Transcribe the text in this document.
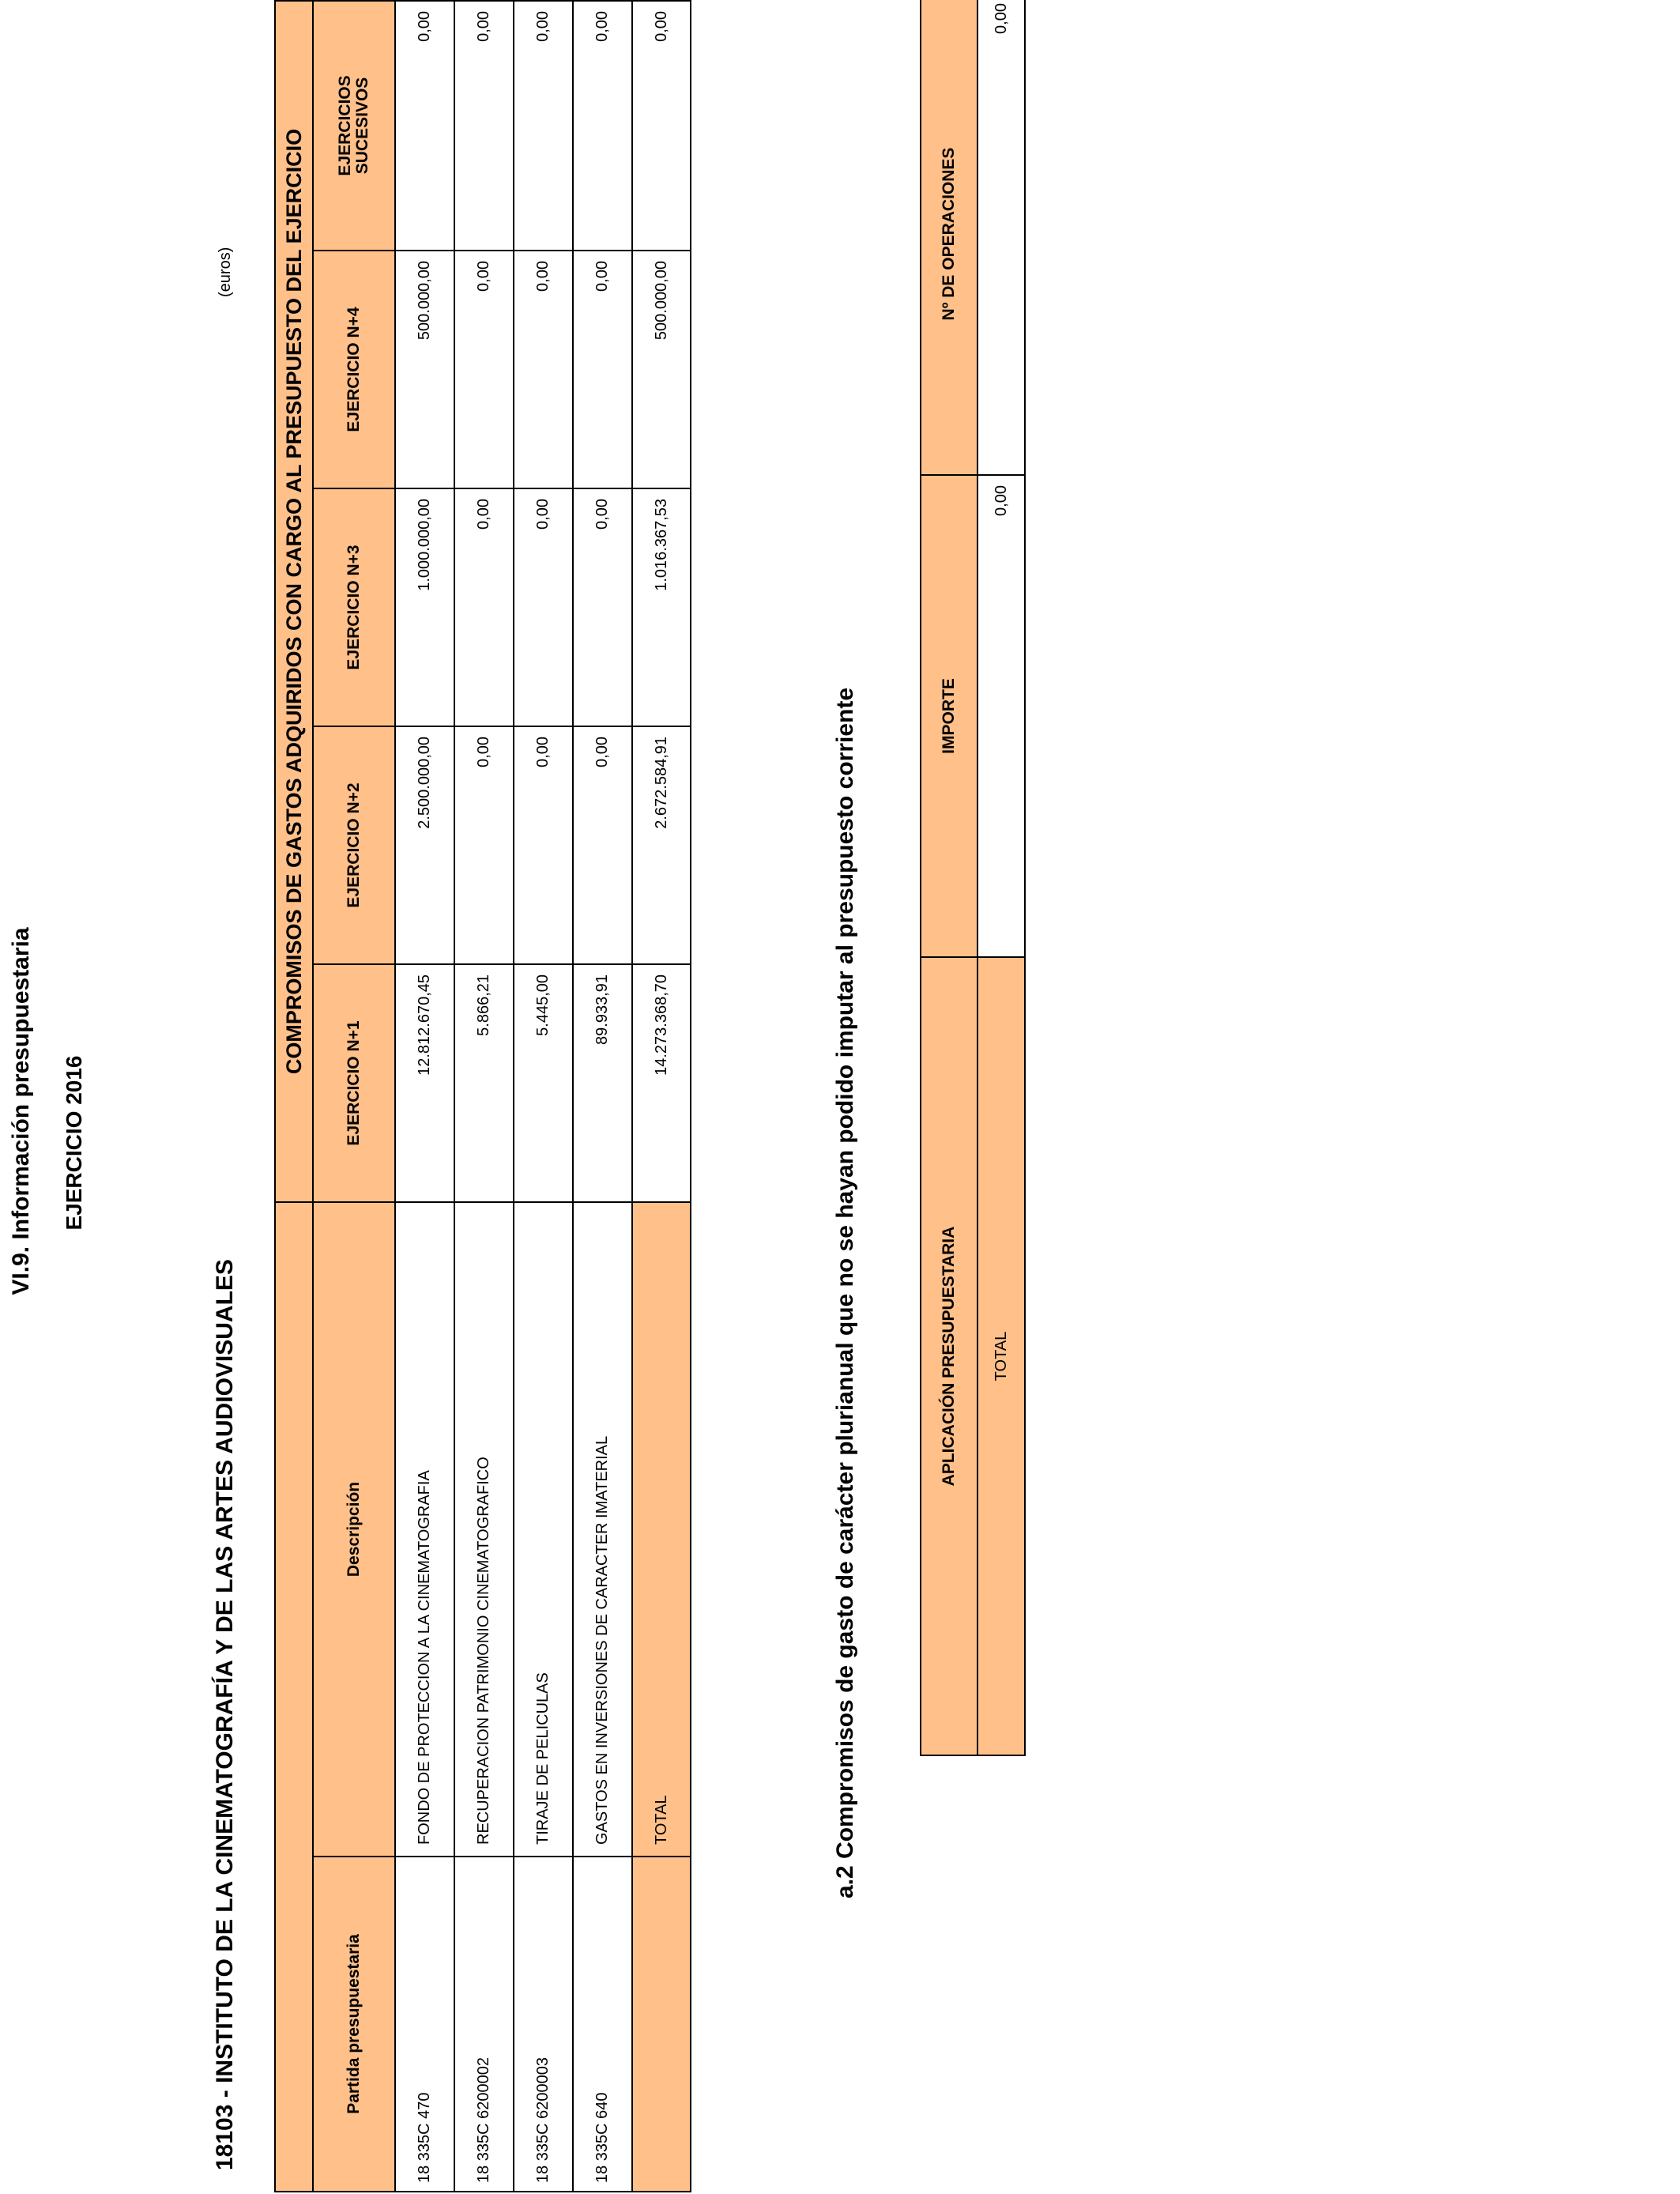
VI.9. Información presupuestaria EJERCICIO 2016
18103 - INSTITUTO DE LA CINEMATOGRAFÍA Y DE LAS ARTES AUDIOVISUALES
(euros)
		COMPROMISOS DE GASTOS ADQUIRIDOS CON CARGO AL PRESUPUESTO DEL EJERCICIO				
Partida presupuestaria	Descripción	EJERCICIO N+1	EJERCICIO N+2	EJERCICIO N+3	EJERCICIO N+4	EJERCICIOS SUCESIVOS

18 335C 470	FONDO DE PROTECCION A LA CINEMATOGRAFIA	12.812.670,45	2.500.000,00	1.000.000,00	500.000,00	0,00
18 335C 6200002	RECUPERACION PATRIMONIO CINEMATOGRAFICO	5.866,21	0,00	0,00	0,00	0,00
18 335C 6200003	TIRAJE DE PELICULAS	5.445,00	0,00	0,00	0,00	0,00
18 335C 640	GASTOS EN INVERSIONES DE CARACTER IMATERIAL	89.933,91	0,00	0,00	0,00	0,00
	TOTAL	14.273.368,70	2.672.584,91	1.016.367,53	500.000,00	0,00
a.2 Compromisos de gasto de carácter plurianual que no se hayan podido imputar al presupuesto corriente	APLICACIÓN PRESUPUESTARIA	IMPORTE	Nº DE OPERACIONES
TOTAL	0,00	0,00
